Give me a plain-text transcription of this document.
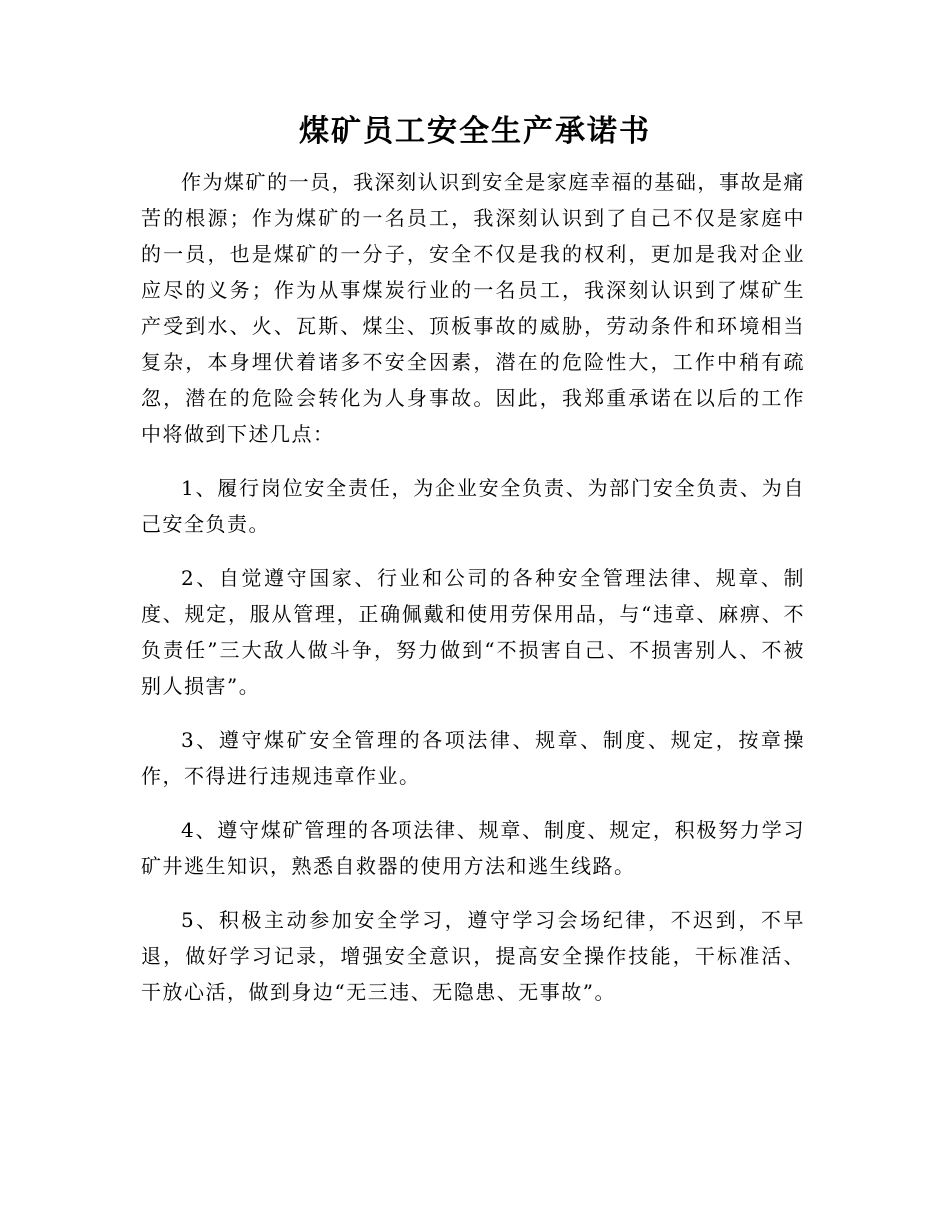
煤矿员工安全生产承诺书

作为煤矿的一员，我深刻认识到安全是家庭幸福的基础，事故是痛苦的根源；作为煤矿的一名员工，我深刻认识到了自己不仅是家庭中的一员，也是煤矿的一分子，安全不仅是我的权利，更加是我对企业应尽的义务；作为从事煤炭行业的一名员工，我深刻认识到了煤矿生产受到水、火、瓦斯、煤尘、顶板事故的威胁，劳动条件和环境相当复杂，本身埋伏着诸多不安全因素，潜在的危险性大，工作中稍有疏忽，潜在的危险会转化为人身事故。因此，我郑重承诺在以后的工作中将做到下述几点：

1、履行岗位安全责任，为企业安全负责、为部门安全负责、为自己安全负责。

2、自觉遵守国家、行业和公司的各种安全管理法律、规章、制度、规定，服从管理，正确佩戴和使用劳保用品，与“违章、麻痹、不负责任”三大敌人做斗争，努力做到“不损害自己、不损害别人、不被别人损害”。

3、遵守煤矿安全管理的各项法律、规章、制度、规定，按章操作，不得进行违规违章作业。

4、遵守煤矿管理的各项法律、规章、制度、规定，积极努力学习矿井逃生知识，熟悉自救器的使用方法和逃生线路。

5、积极主动参加安全学习，遵守学习会场纪律，不迟到，不早退，做好学习记录，增强安全意识，提高安全操作技能，干标准活、干放心活，做到身边“无三违、无隐患、无事故”。
